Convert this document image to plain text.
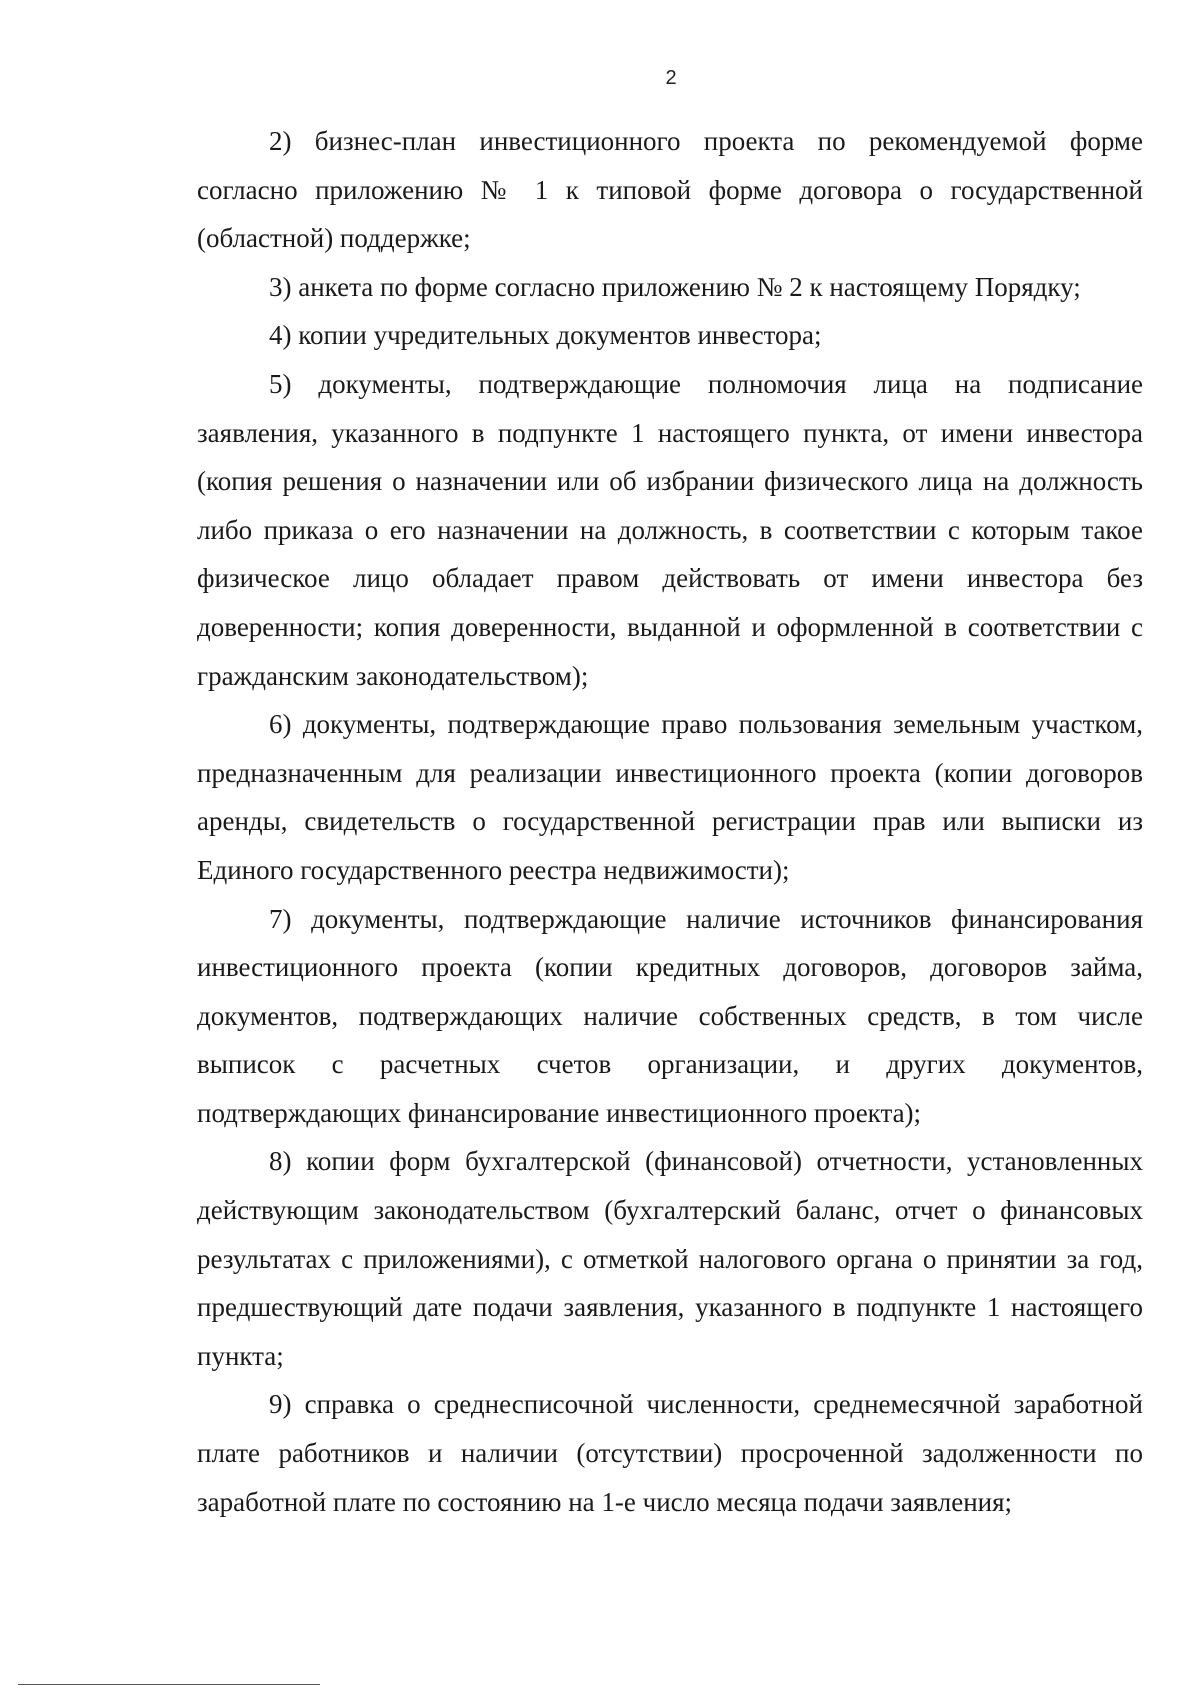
2

2) бизнес-план инвестиционного проекта по рекомендуемой форме согласно приложению № 1 к типовой форме договора о государственной (областной) поддержке;

3) анкета по форме согласно приложению № 2 к настоящему Порядку;

4) копии учредительных документов инвестора;

5) документы, подтверждающие полномочия лица на подписание заявления, указанного в подпункте 1 настоящего пункта, от имени инвестора (копия решения о назначении или об избрании физического лица на должность либо приказа о его назначении на должность, в соответствии с которым такое физическое лицо обладает правом действовать от имени инвестора без доверенности; копия доверенности, выданной и оформленной в соответствии с гражданским законодательством);

6) документы, подтверждающие право пользования земельным участком, предназначенным для реализации инвестиционного проекта (копии договоров аренды, свидетельств о государственной регистрации прав или выписки из Единого государственного реестра недвижимости);

7) документы, подтверждающие наличие источников финансирования инвестиционного проекта (копии кредитных договоров, договоров займа, документов, подтверждающих наличие собственных средств, в том числе выписок с расчетных счетов организации, и других документов, подтверждающих финансирование инвестиционного проекта);

8) копии форм бухгалтерской (финансовой) отчетности, установленных действующим законодательством (бухгалтерский баланс, отчет о финансовых результатах с приложениями), с отметкой налогового органа о принятии за год, предшествующий дате подачи заявления, указанного в подпункте 1 настоящего пункта;

9) справка о среднесписочной численности, среднемесячной заработной плате работников и наличии (отсутствии) просроченной задолженности по заработной плате по состоянию на 1-е число месяца подачи заявления;
